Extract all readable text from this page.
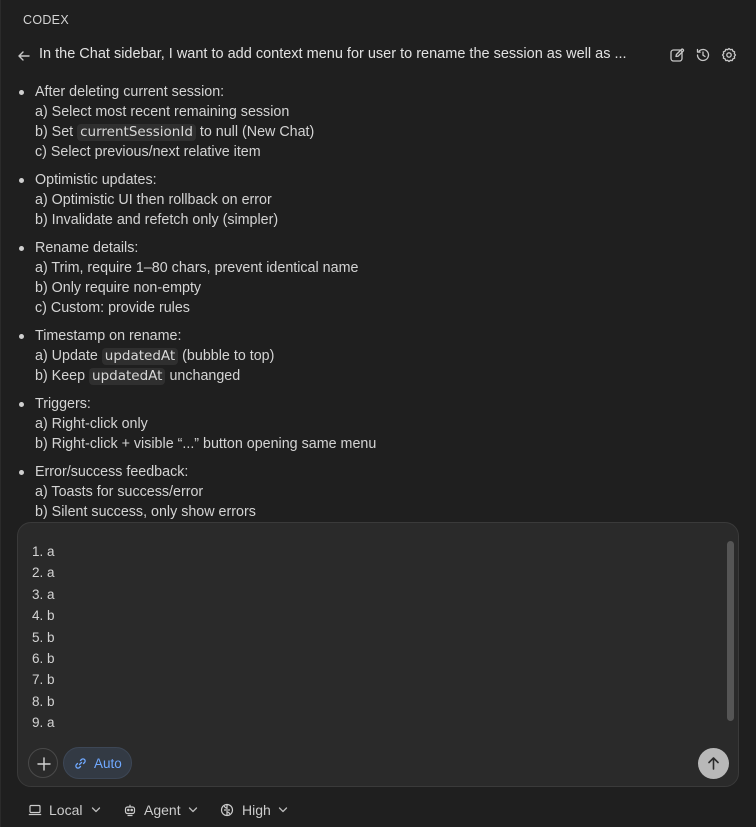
CODEX
In the Chat sidebar, I want to add context menu for user to rename the session as well as ...
After deleting current session:
a) Select most recent remaining session
b) Set currentSessionId to null (New Chat)
c) Select previous/next relative item
Optimistic updates:
a) Optimistic UI then rollback on error
b) Invalidate and refetch only (simpler)
Rename details:
a) Trim, require 1–80 chars, prevent identical name
b) Only require non-empty
c) Custom: provide rules
Timestamp on rename:
a) Update updatedAt (bubble to top)
b) Keep updatedAt unchanged
Triggers:
a) Right-click only
b) Right-click + visible “...” button opening same menu
Error/success feedback:
a) Toasts for success/error
b) Silent success, only show errors
1. a
2. a
3. a
4. b
5. b
6. b
7. b
8. b
9. a
Auto
Local	Agent	High
